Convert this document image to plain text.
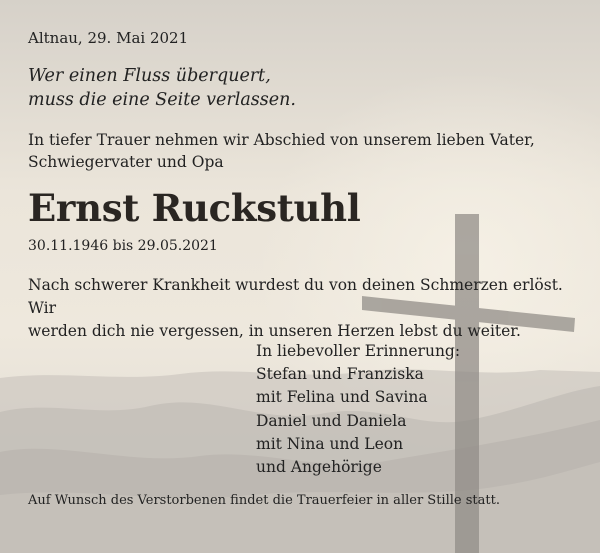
Altnau, 29. Mai 2021
Wer einen Fluss überquert,
muss die eine Seite verlassen.
In tiefer Trauer nehmen wir Abschied von unserem lieben Vater,
Schwiegervater und Opa
Ernst Ruckstuhl
30.11.1946 bis 29.05.2021
Nach schwerer Krankheit wurdest du von deinen Schmerzen erlöst. Wir
werden dich nie vergessen, in unseren Herzen lebst du weiter.
In liebevoller Erinnerung:
Stefan und Franziska
mit Felina und Savina
Daniel und Daniela
mit Nina und Leon
und Angehörige
Auf Wunsch des Verstorbenen findet die Trauerfeier in aller Stille statt.
